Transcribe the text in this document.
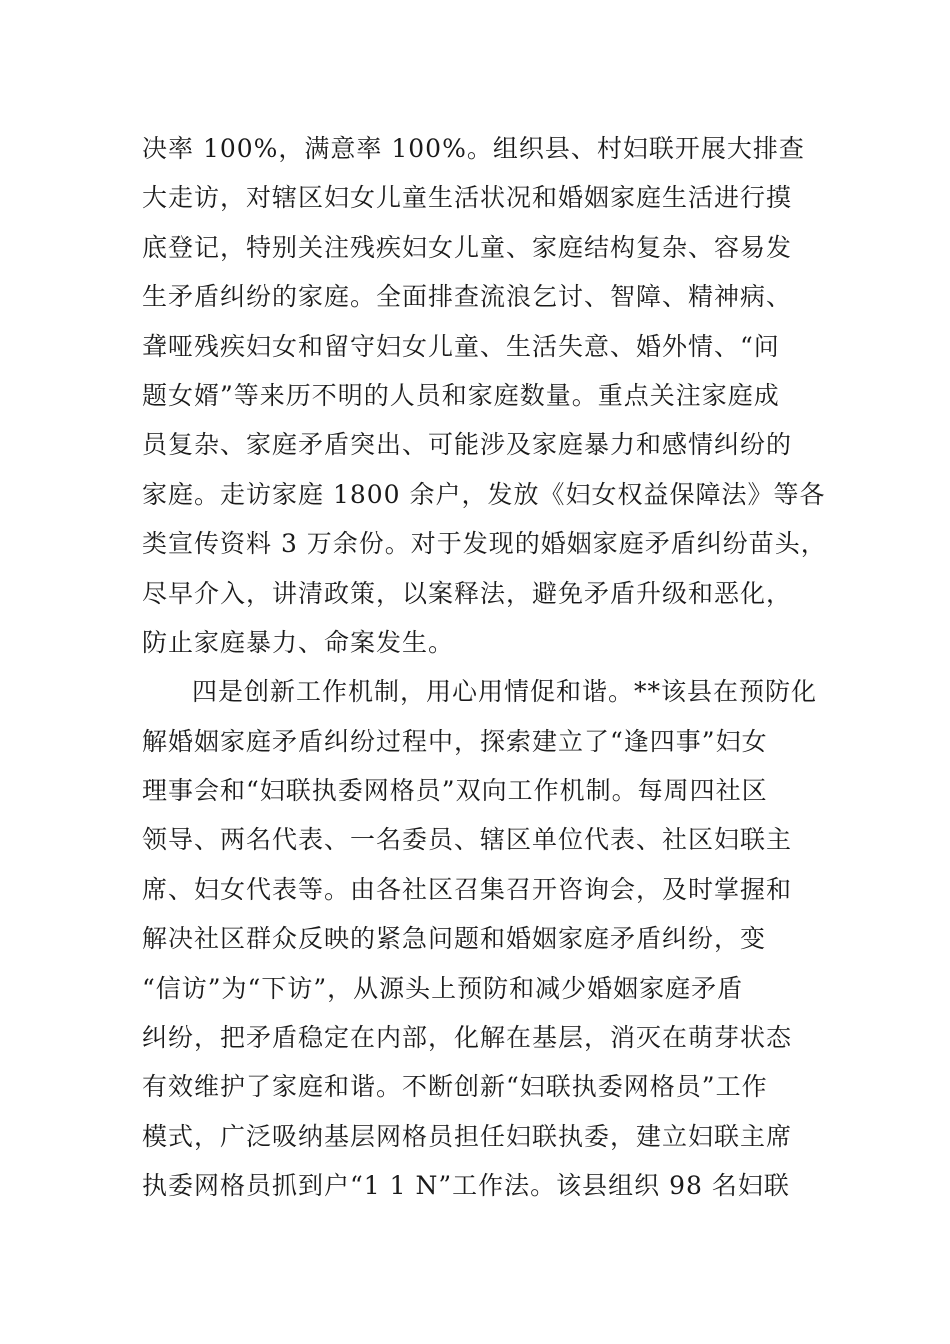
决率 100%，满意率 100%。组织县、村妇联开展大排查
大走访，对辖区妇女儿童生活状况和婚姻家庭生活进行摸
底登记，特别关注残疾妇女儿童、家庭结构复杂、容易发
生矛盾纠纷的家庭。全面排查流浪乞讨、智障、精神病、
聋哑残疾妇女和留守妇女儿童、生活失意、婚外情、“问
题女婿”等来历不明的人员和家庭数量。重点关注家庭成
员复杂、家庭矛盾突出、可能涉及家庭暴力和感情纠纷的
家庭。走访家庭 1800 余户，发放《妇女权益保障法》等各
类宣传资料 3 万余份。对于发现的婚姻家庭矛盾纠纷苗头，
尽早介入，讲清政策，以案释法，避免矛盾升级和恶化，
防止家庭暴力、命案发生。
四是创新工作机制，用心用情促和谐。**该县在预防化
解婚姻家庭矛盾纠纷过程中，探索建立了“逢四事”妇女
理事会和“妇联执委网格员”双向工作机制。每周四社区
领导、两名代表、一名委员、辖区单位代表、社区妇联主
席、妇女代表等。由各社区召集召开咨询会，及时掌握和
解决社区群众反映的紧急问题和婚姻家庭矛盾纠纷，变
“信访”为“下访”，从源头上预防和减少婚姻家庭矛盾
纠纷，把矛盾稳定在内部，化解在基层，消灭在萌芽状态
有效维护了家庭和谐。不断创新“妇联执委网格员”工作
模式，广泛吸纳基层网格员担任妇联执委，建立妇联主席
执委网格员抓到户“1 1 N”工作法。该县组织 98 名妇联
